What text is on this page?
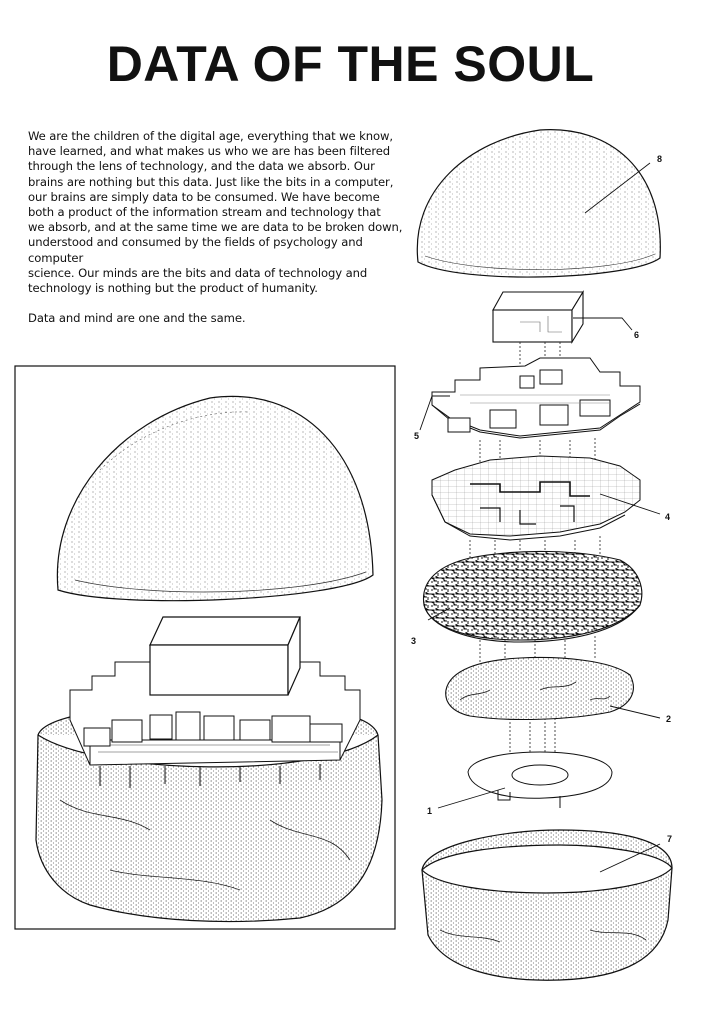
DATA OF THE SOUL

We are the children of the digital age, everything that we know,

have learned, and what makes us who we are has been filtered

through the lens of technology, and the data we absorb. Our

brains are nothing but this data. Just like the bits in a computer,

our brains are simply data to be consumed. We have become

both a product of the information stream and technology that

we absorb, and at the same time we are data to be broken down,

understood and consumed by the fields of psychology and computer

science. Our minds are the bits and data of technology and

technology is nothing but the product of humanity.

Data and mind are one and the same.

8
6
5
4
3
2
1
7
